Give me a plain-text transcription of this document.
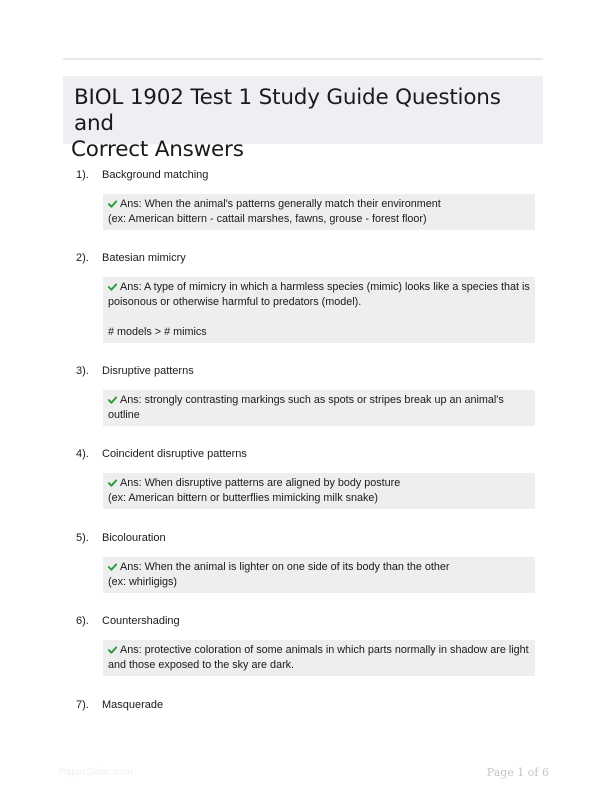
BIOL 1902 Test 1 Study Guide Questions and
Correct Answers
1).	Background matching

Ans: When the animal's patterns generally match their environment

(ex: American bittern - cattail marshes, fawns, grouse - forest floor)

2).	Batesian mimicry

Ans: A type of mimicry in which a harmless species (mimic) looks like a species that is poisonous or otherwise harmful to predators (model).

# models > # mimics

3).	Disruptive patterns

Ans: strongly contrasting markings such as spots or stripes break up an animal's outline

4).	Coincident disruptive patterns

Ans: When disruptive patterns are aligned by body posture

(ex: American bittern or butterflies mimicking milk snake)

5).	Bicolouration

Ans: When the animal is lighter on one side of its body than the other

(ex: whirligigs)

6).	Countershading

Ans: protective coloration of some animals in which parts normally in shadow are light and those exposed to the sky are dark.

7).	Masquerade
PaperStdoc.com	Page 1 of 6
